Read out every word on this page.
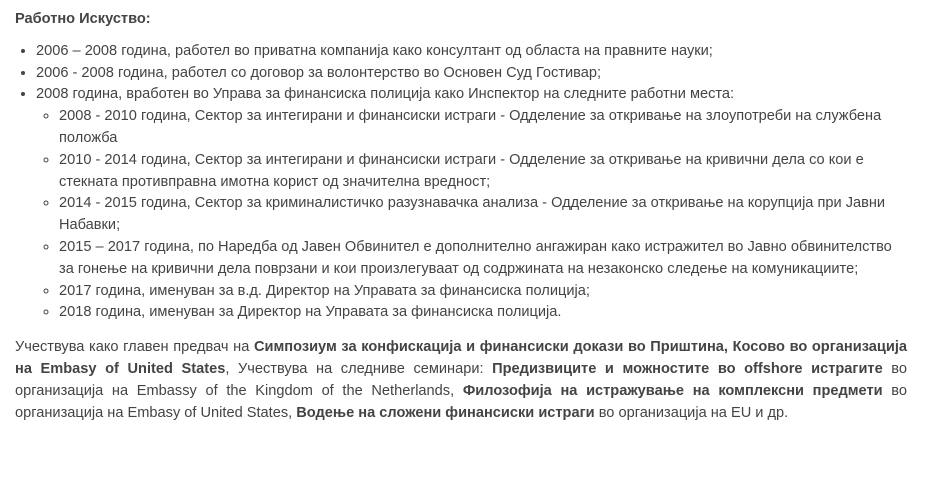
Работно Искуство:
• 2006 – 2008 година, работел во приватна компанија како консултант од областа на правните науки;
• 2006 - 2008 година, работел со договор за волонтерство во Основен Суд Гостивар;
• 2008 година, вработен во Управа за финансиска полиција како Инспектор на следните работни места:
◦ 2008 - 2010 година, Сектор за интегирани и финансиски истраги - Одделение за откривање на злоупотреби на службена положба
◦ 2010 - 2014 година, Сектор за интегирани и финансиски истраги - Одделение за откривање на кривични дела со кои е стекната противправна имотна корист од значителна вредност;
◦ 2014 - 2015 година, Сектор за криминалистичко разузнавачка анализа - Одделение за откривање на корупција при Јавни Набавки;
◦ 2015 – 2017 година, по Наредба од Јавен Обвинител е дополнително ангажиран како истражител во Јавно обвинителство за гонење на кривични дела поврзани и кои произлегуваат од содржината на незаконско следење на комуникациите;
◦ 2017 година, именуван за в.д. Директор на Управата за финансиска полиција;
◦ 2018 година, именуван за Директор на Управата за финансиска полиција.

Учествува како главен предвач на Симпозиум за конфискација и финансиски докази во Приштина, Косово во организација на Embasy of United States, Учествува на следниве семинари: Предизвиците и можностите во offshore истрагите во организација на Embassy of the Kingdom of the Netherlands, Филозофија на истражување на комплексни предмети во организација на Embasy of United States, Водење на сложени финансиски истраги во организација на EU и др.
